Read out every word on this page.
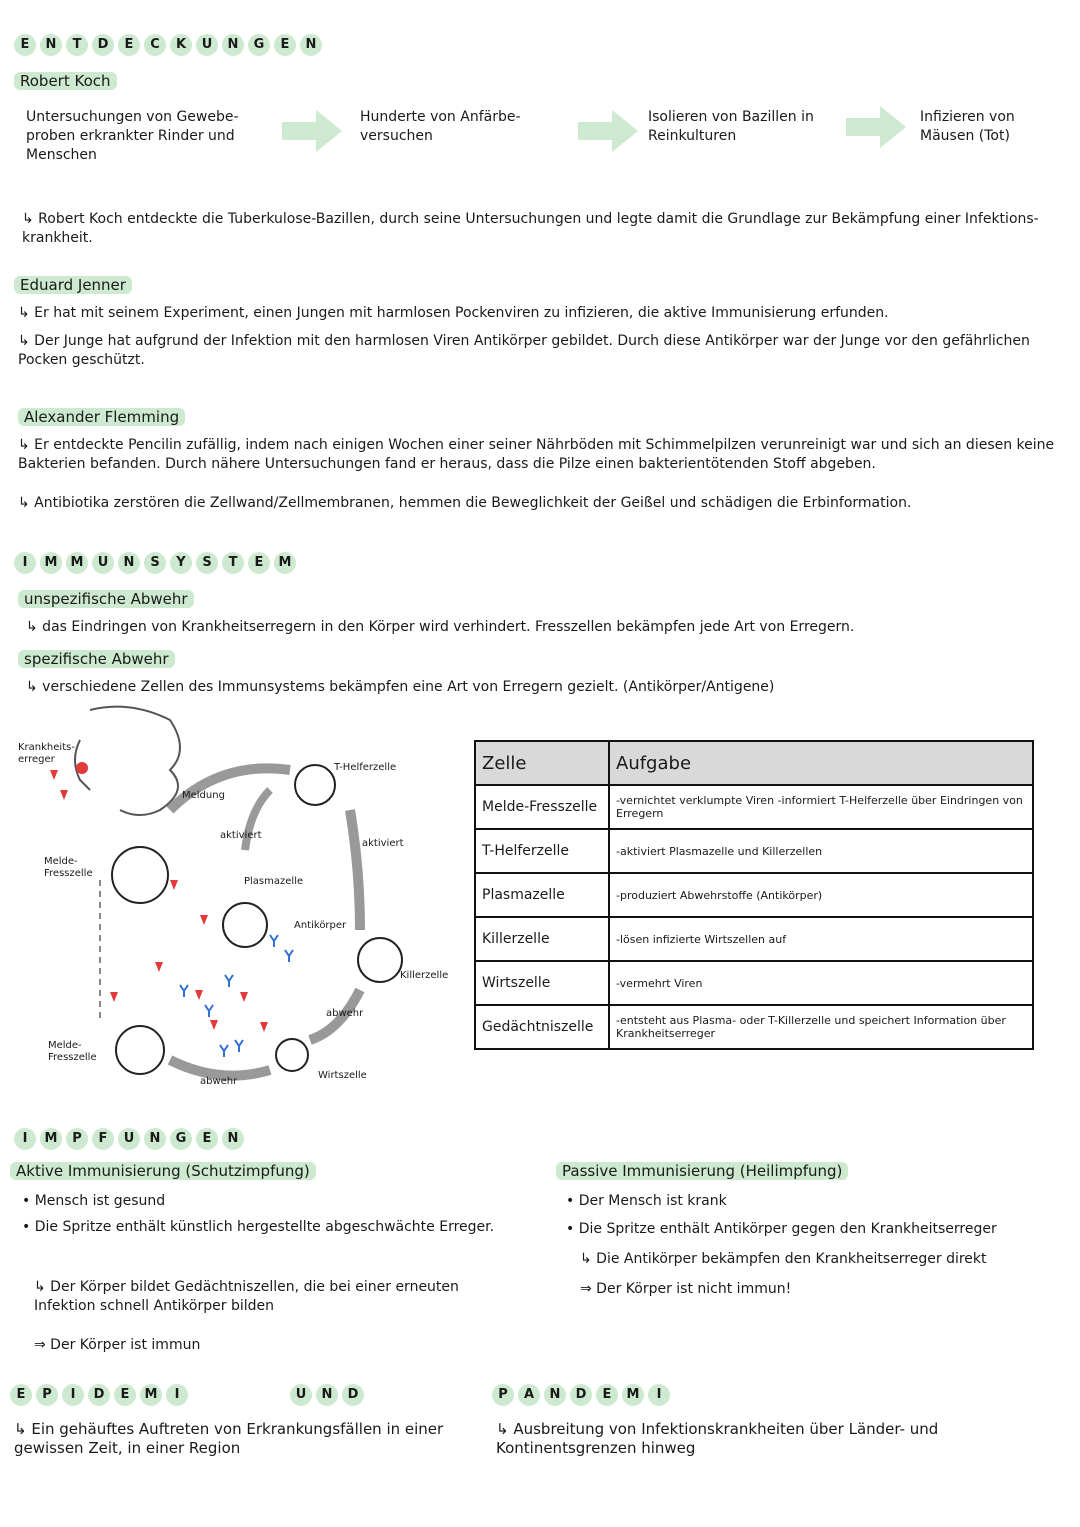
E	N	T	D	E	C	K	U	N	G	E	N
Robert Koch
Untersuchungen von Gewebe-proben erkrankter Rinder und Menschen
Hunderte von Anfärbe-versuchen
Isolieren von Bazillen in Reinkulturen
Infizieren von Mäusen (Tot)
↳ Robert Koch entdeckte die Tuberkulose-Bazillen, durch seine Untersuchungen und legte damit die Grundlage zur Bekämpfung einer Infektions-krankheit.
Eduard Jenner
↳ Er hat mit seinem Experiment, einen Jungen mit harmlosen Pockenviren zu infizieren, die aktive Immunisierung erfunden.
↳ Der Junge hat aufgrund der Infektion mit den harmlosen Viren Antikörper gebildet. Durch diese Antikörper war der Junge vor den gefährlichen Pocken geschützt.
Alexander Flemming
↳ Er entdeckte Pencilin zufällig, indem nach einigen Wochen einer seiner Nährböden mit Schimmelpilzen verunreinigt war und sich an diesen keine Bakterien befanden. Durch nähere Untersuchungen fand er heraus, dass die Pilze einen bakterientötenden Stoff abgeben.
↳ Antibiotika zerstören die Zellwand/Zellmembranen, hemmen die Beweglichkeit der Geißel und schädigen die Erbinformation.
I	M	M	U	N	S	Y	S	T	E	M
unspezifische Abwehr
↳ das Eindringen von Krankheitserregern in den Körper wird verhindert. Fresszellen bekämpfen jede Art von Erregern.
spezifische Abwehr
↳ verschiedene Zellen des Immunsystems bekämpfen eine Art von Erregern gezielt. (Antikörper/Antigene)
Krankheits-erreger
Melde-Fresszelle
Melde-Fresszelle
Meldung
T-Helferzelle
aktiviert
aktiviert
Plasmazelle
Antikörper
Killerzelle
abwehr
abwehr
Wirtszelle
Zelle	Aufgabe
Melde-Fresszelle	-vernichtet verklumpte Viren -informiert T-Helferzelle über Eindringen von Erregern
T-Helferzelle	-aktiviert Plasmazelle und Killerzellen
Plasmazelle	-produziert Abwehrstoffe (Antikörper)
Killerzelle	-lösen infizierte Wirtszellen auf
Wirtszelle	-vermehrt Viren
Gedächtniszelle	-entsteht aus Plasma- oder T-Killerzelle und speichert Information über Krankheitserreger
I	M	P	F	U	N	G	E	N
Aktive Immunisierung (Schutzimpfung)
• Mensch ist gesund
• Die Spritze enthält künstlich hergestellte abgeschwächte Erreger.
↳ Der Körper bildet Gedächtniszellen, die bei einer erneuten Infektion schnell Antikörper bilden
⇒ Der Körper ist immun
Passive Immunisierung (Heilimpfung)
• Der Mensch ist krank
• Die Spritze enthält Antikörper gegen den Krankheitserreger
↳ Die Antikörper bekämpfen den Krankheitserreger direkt
⇒ Der Körper ist nicht immun!
E	P	I	D	E	M	I	U	N	D	P	A	N	D	E	M	I
↳ Ein gehäuftes Auftreten von Erkrankungsfällen in einer gewissen Zeit, in einer Region
↳ Ausbreitung von Infektionskrankheiten über Länder- und Kontinentsgrenzen hinweg
